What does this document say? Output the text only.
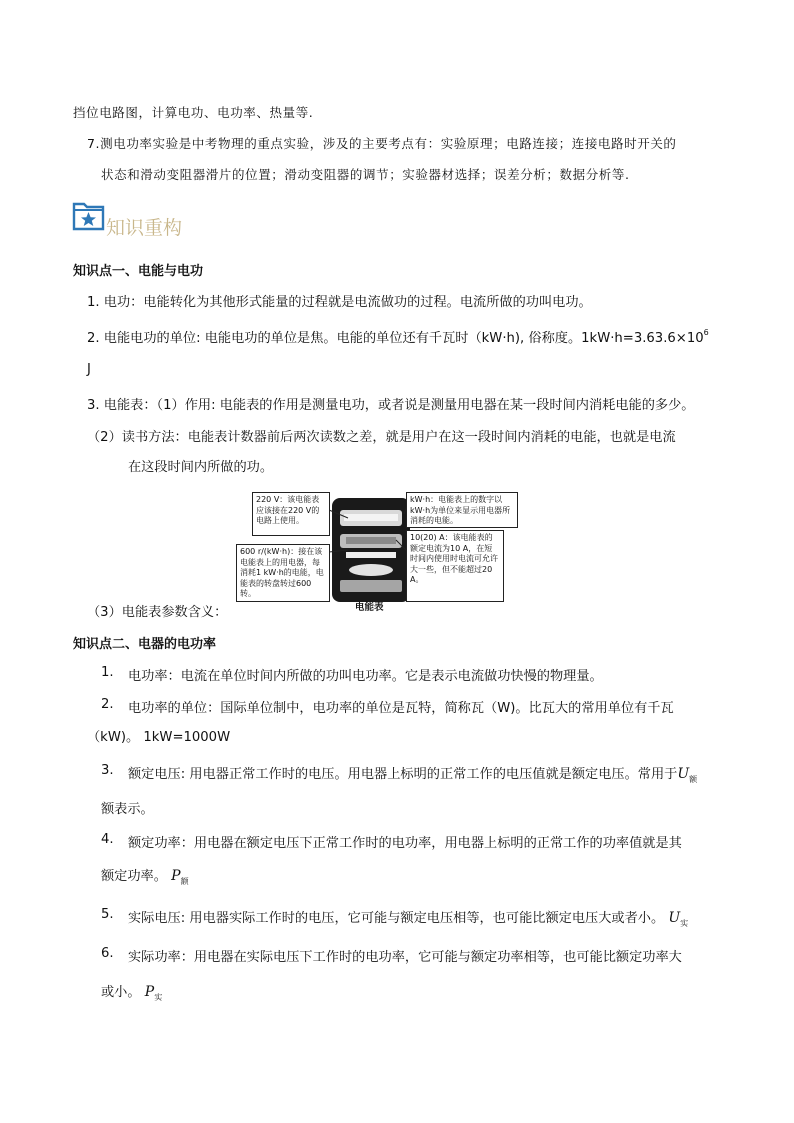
挡位电路图，计算电功、电功率、热量等.
7.测电功率实验是中考物理的重点实验，涉及的主要考点有：实验原理；电路连接；连接电路时开关的
状态和滑动变阻器滑片的位置；滑动变阻器的调节；实验器材选择；误差分析；数据分析等.
知识重构
知识点一、电能与电功
1. 电功：电能转化为其他形式能量的过程就是电流做功的过程。电流所做的功叫电功。
2. 电能电功的单位: 电能电功的单位是焦。电能的单位还有千瓦时（kW·h), 俗称度。$1kW\cdot h=3.63.6\times 10^6$
J
3. 电能表：（1）作用: 电能表的作用是测量电功，或者说是测量用电器在某一段时间内消耗电能的多少。
（2）读书方法：电能表计数器前后两次读数之差，就是用户在这一段时间内消耗的电能，也就是电流
在这段时间内所做的功。
（3）电能表参数含义：
220 V：该电能表应该接在220 V的电路上使用。
600 r/(kW·h)：接在该电能表上的用电器，每消耗1 kW·h的电能，电能表的转盘转过600转。
kW·h：电能表上的数字以kW·h为单位来显示用电器所消耗的电能。
10(20) A：该电能表的额定电流为10 A，在短时间内使用时电流可允许大一些，但不能超过20 A。
电能表
知识点二、电器的电功率
1. 电功率：电流在单位时间内所做的功叫电功率。它是表示电流做功快慢的物理量。
2. 电功率的单位：国际单位制中，电功率的单位是瓦特，简称瓦（W)。比瓦大的常用单位有千瓦
（kW)。 1kW=1000W
3. 额定电压: 用电器正常工作时的电压。用电器上标明的正常工作的电压值就是额定电压。常用于$U_额$
额表示。
4. 额定功率：用电器在额定电压下正常工作时的电功率，用电器上标明的正常工作的功率值就是其
额定功率。 $P_额$
5. 实际电压: 用电器实际工作时的电压，它可能与额定电压相等，也可能比额定电压大或者小。 $U_实$
6. 实际功率：用电器在实际电压下工作时的电功率，它可能与额定功率相等，也可能比额定功率大
或小。 $P_实$
